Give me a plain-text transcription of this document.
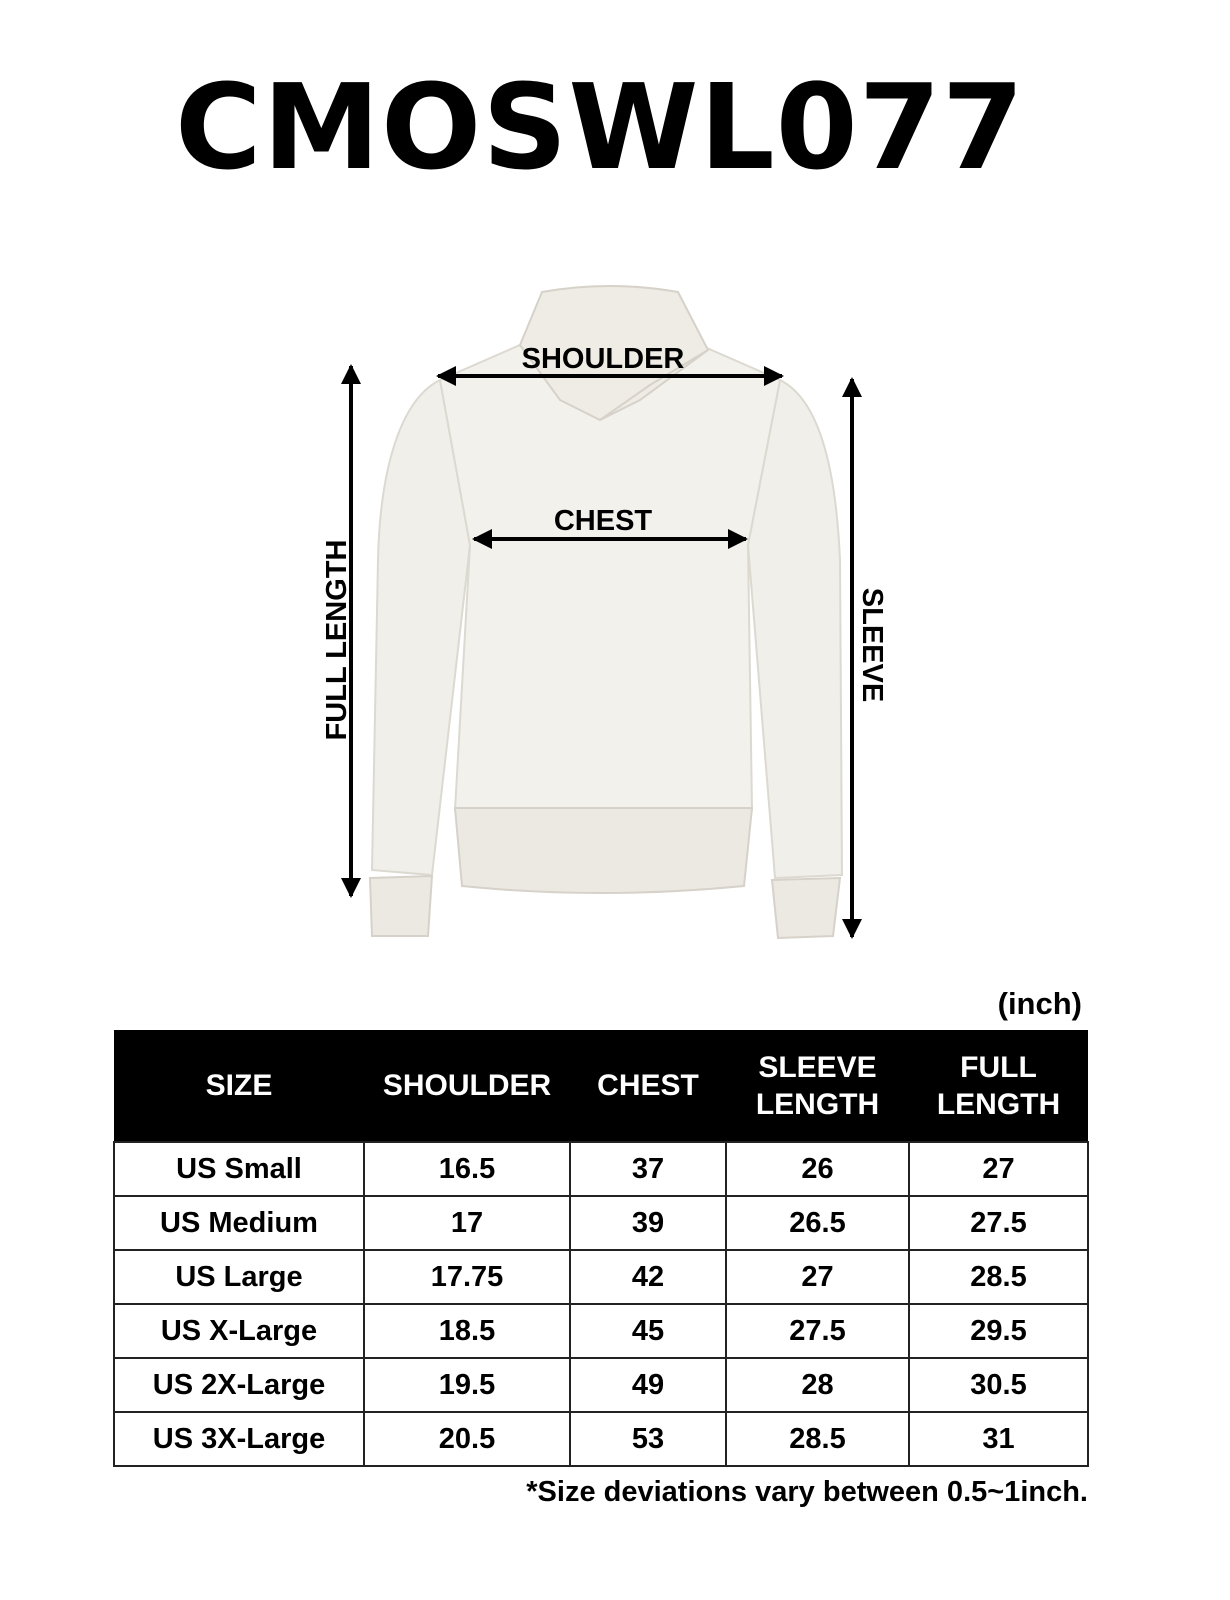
CMOSWL077
SHOULDER
CHEST
FULL LENGTH	SLEEVE
(inch)
SIZE	SHOULDER	CHEST	SLEEVE LENGTH	FULL LENGTH
US Small	16.5	37	26	27
US Medium	17	39	26.5	27.5
US Large	17.75	42	27	28.5
US X-Large	18.5	45	27.5	29.5
US 2X-Large	19.5	49	28	30.5
US 3X-Large	20.5	53	28.5	31
*Size deviations vary between 0.5~1inch.
